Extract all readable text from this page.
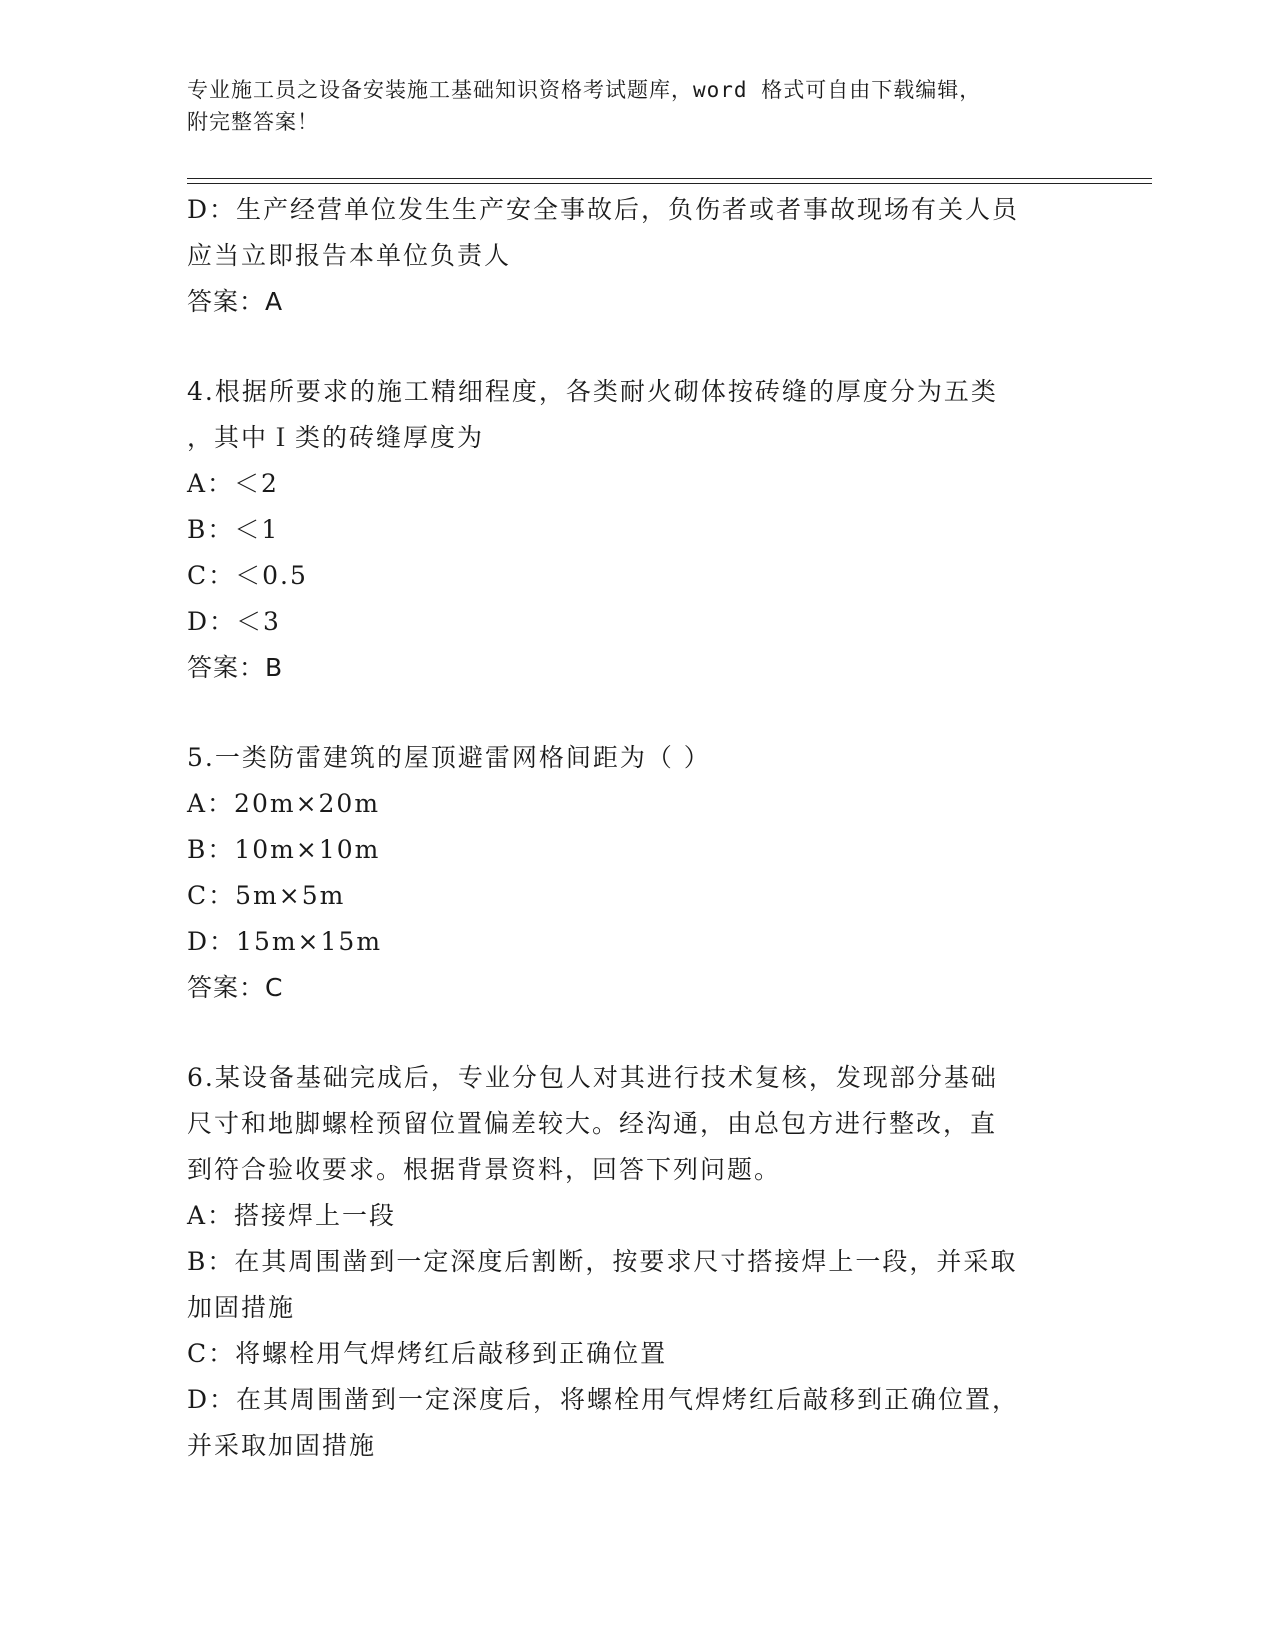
专业施工员之设备安装施工基础知识资格考试题库，word 格式可自由下载编辑，
附完整答案！
D：生产经营单位发生生产安全事故后，负伤者或者事故现场有关人员
应当立即报告本单位负责人
答案：A
4.根据所要求的施工精细程度，各类耐火砌体按砖缝的厚度分为五类
，其中Ｉ类的砖缝厚度为
A：＜2
B：＜1
C：＜0.5
D：＜3
答案：B
5.一类防雷建筑的屋顶避雷网格间距为（ ）
A：20m×20m
B：10m×10m
C：5m×5m
D：15m×15m
答案：C
6.某设备基础完成后，专业分包人对其进行技术复核，发现部分基础
尺寸和地脚螺栓预留位置偏差较大。经沟通，由总包方进行整改，直
到符合验收要求。根据背景资料，回答下列问题。
A：搭接焊上一段
B：在其周围凿到一定深度后割断，按要求尺寸搭接焊上一段，并采取
加固措施
C：将螺栓用气焊烤红后敲移到正确位置
D：在其周围凿到一定深度后，将螺栓用气焊烤红后敲移到正确位置，
并采取加固措施
